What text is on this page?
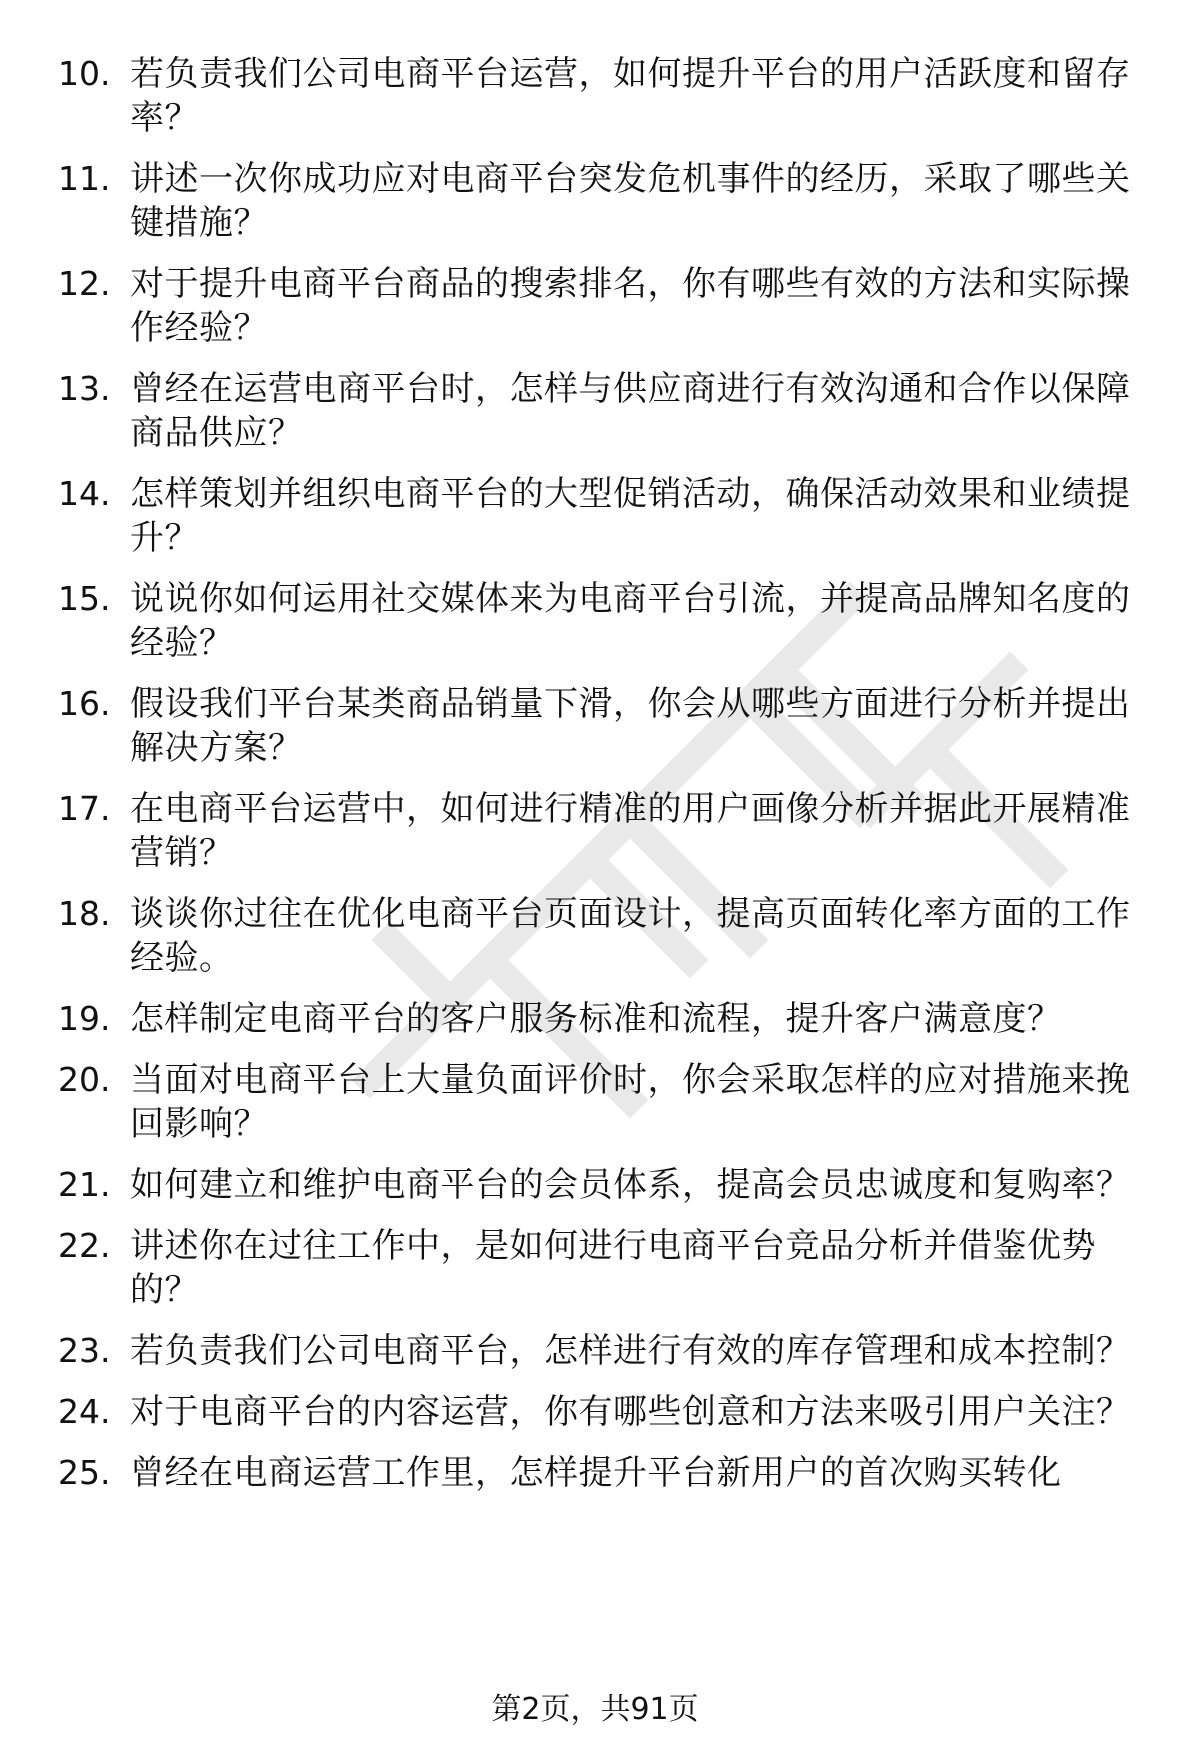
10. 若负责我们公司电商平台运营，如何提升平台的用户活跃度和留存率？
11. 讲述一次你成功应对电商平台突发危机事件的经历，采取了哪些关键措施？
12. 对于提升电商平台商品的搜索排名，你有哪些有效的方法和实际操作经验？
13. 曾经在运营电商平台时，怎样与供应商进行有效沟通和合作以保障商品供应？
14. 怎样策划并组织电商平台的大型促销活动，确保活动效果和业绩提升？
15. 说说你如何运用社交媒体来为电商平台引流，并提高品牌知名度的经验？
16. 假设我们平台某类商品销量下滑，你会从哪些方面进行分析并提出解决方案？
17. 在电商平台运营中，如何进行精准的用户画像分析并据此开展精准营销？
18. 谈谈你过往在优化电商平台页面设计，提高页面转化率方面的工作经验。
19. 怎样制定电商平台的客户服务标准和流程，提升客户满意度？
20. 当面对电商平台上大量负面评价时，你会采取怎样的应对措施来挽回影响？
21. 如何建立和维护电商平台的会员体系，提高会员忠诚度和复购率？
22. 讲述你在过往工作中，是如何进行电商平台竞品分析并借鉴优势的？
23. 若负责我们公司电商平台，怎样进行有效的库存管理和成本控制？
24. 对于电商平台的内容运营，你有哪些创意和方法来吸引用户关注？
25. 曾经在电商运营工作里，怎样提升平台新用户的首次购买转化
第2页，共91页
